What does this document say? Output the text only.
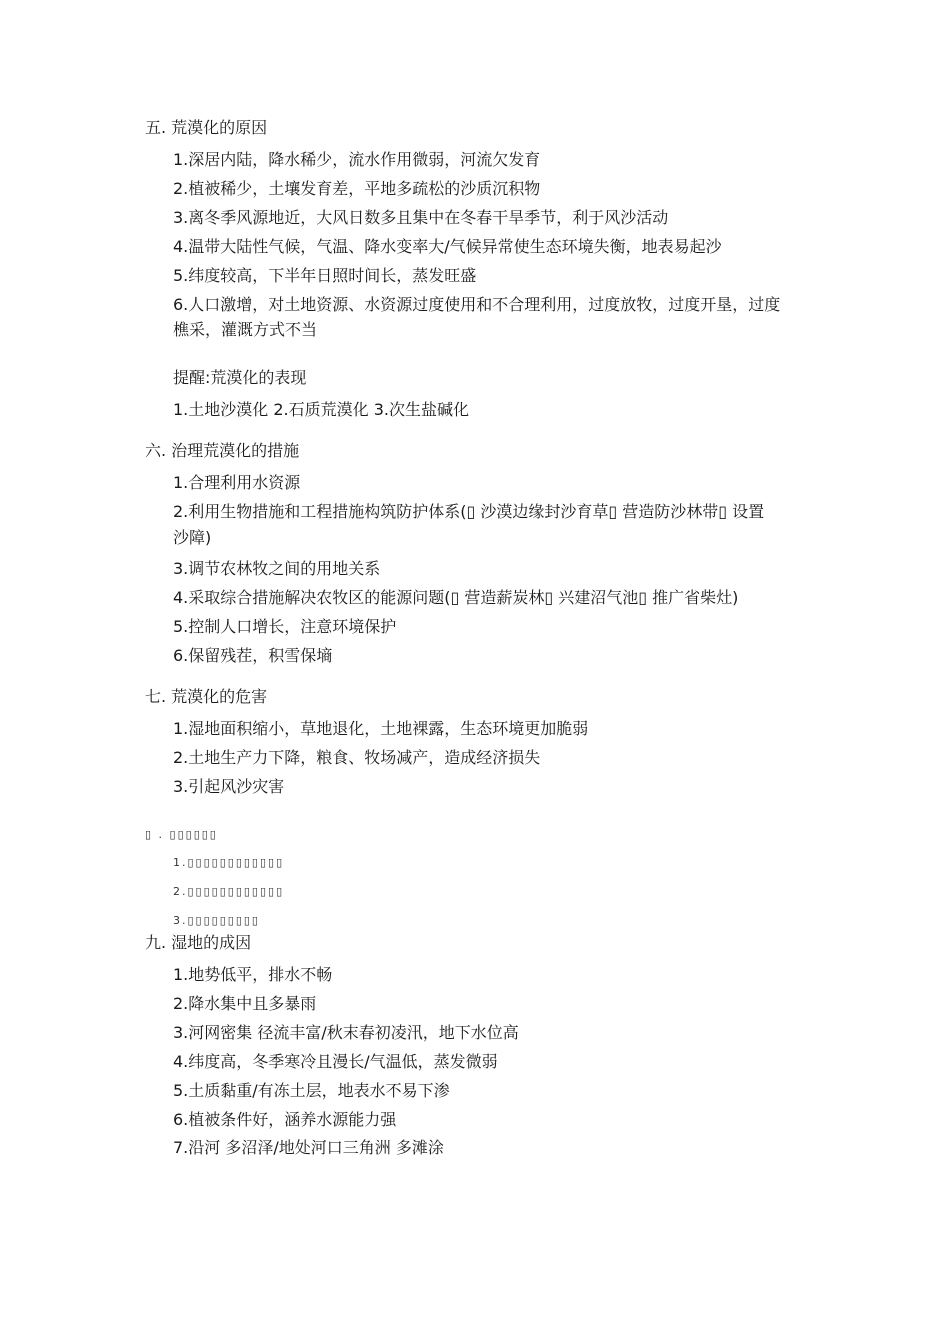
五. 荒漠化的原因
1.深居内陆，降水稀少，流水作用微弱，河流欠发育
2.植被稀少，土壤发育差，平地多疏松的沙质沉积物
3.离冬季风源地近，大风日数多且集中在冬春干旱季节，利于风沙活动
4.温带大陆性气候，气温、降水变率大/气候异常使生态环境失衡，地表易起沙
5.纬度较高，下半年日照时间长，蒸发旺盛
6.人口激增，对土地资源、水资源过度使用和不合理利用，过度放牧，过度开垦，过度
樵采，灌溉方式不当
提醒:荒漠化的表现
1.土地沙漠化 2.石质荒漠化 3.次生盐碱化
六. 治理荒漠化的措施
1.合理利用水资源
2.利用生物措施和工程措施构筑防护体系(▯ 沙漠边缘封沙育草▯ 营造防沙林带▯ 设置
沙障)
3.调节农林牧之间的用地关系
4.采取综合措施解决农牧区的能源问题(▯ 营造薪炭林▯ 兴建沼气池▯ 推广省柴灶)
5.控制人口增长，注意环境保护
6.保留残茬，积雪保墒
七. 荒漠化的危害
1.湿地面积缩小，草地退化，土地裸露，生态环境更加脆弱
2.土地生产力下降，粮食、牧场减产，造成经济损失
3.引起风沙灾害
▯ . ▯▯▯▯▯▯
1.▯▯▯▯▯▯▯▯▯▯▯▯
2.▯▯▯▯▯▯▯▯▯▯▯▯
3.▯▯▯▯▯▯▯▯▯
九. 湿地的成因
1.地势低平，排水不畅
2.降水集中且多暴雨
3.河网密集 径流丰富/秋末春初凌汛，地下水位高
4.纬度高，冬季寒冷且漫长/气温低，蒸发微弱
5.土质黏重/有冻土层，地表水不易下渗
6.植被条件好，涵养水源能力强
7.沿河 多沼泽/地处河口三角洲 多滩涂
